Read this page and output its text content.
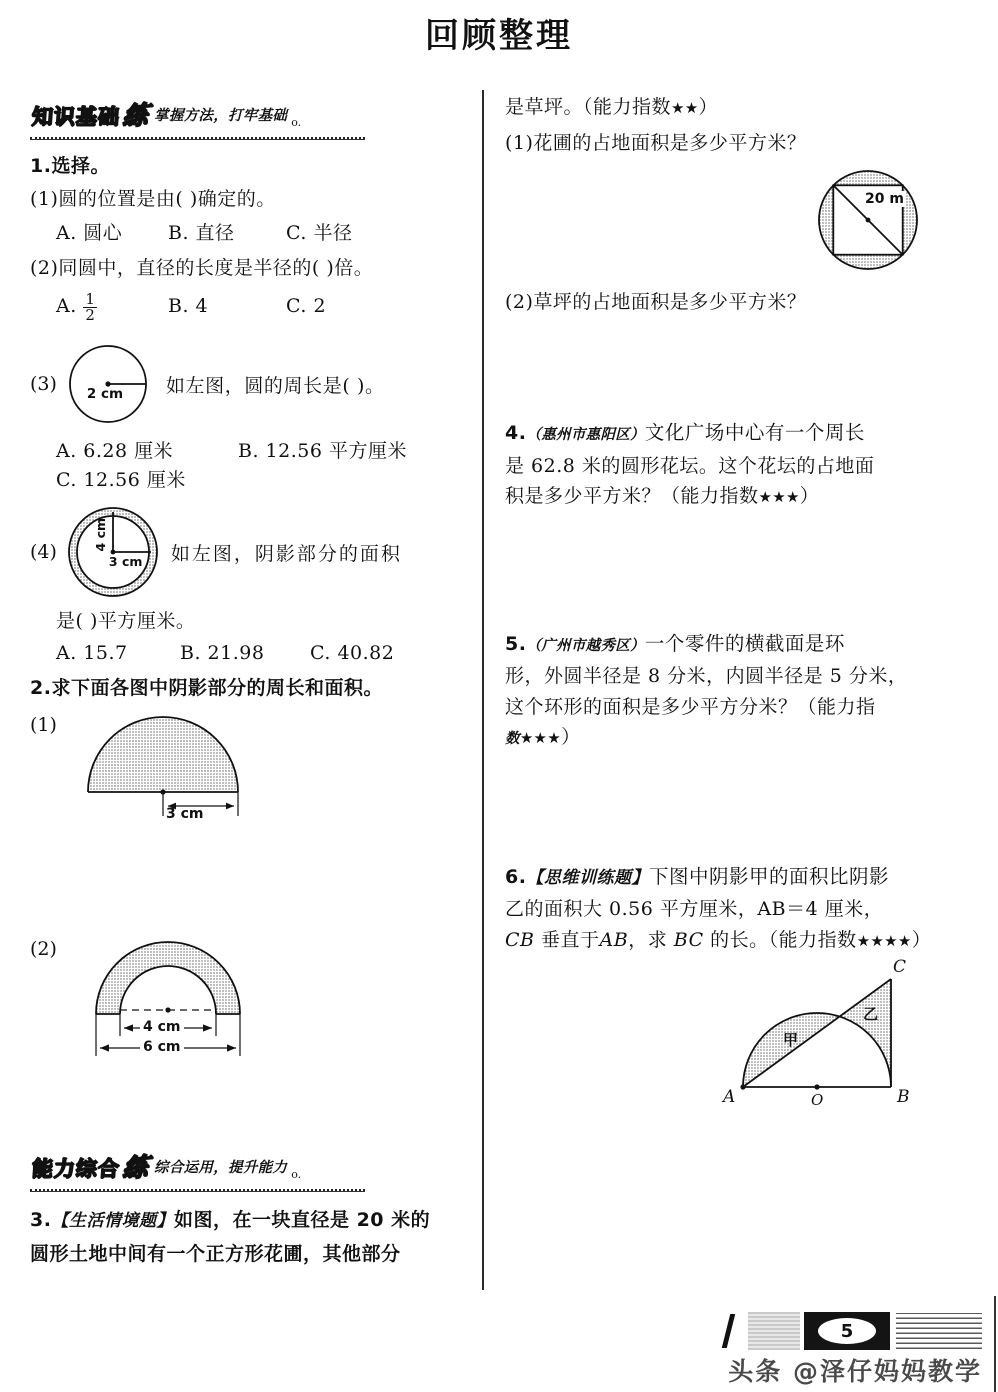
回顾整理
知识基础练 掌握方法，打牢基础 o.
1.选择。
(1)圆的位置是由( )确定的。
A. 圆心 B. 直径	C. 半径
(2)同圆中，直径的长度是半径的( )倍。
A. $\frac{1}{2}$	B. 4	C. 2
(3) 2 cm 如左图，圆的周长是( )。
A. 6.28 厘米	B. 12.56 平方厘米
C. 12.56 厘米
(4)
4 cm
3 cm 如左图，阴影部分的面积
是( )平方厘米。
A. 15.7	B. 21.98 C. 40.82
2.求下面各图中阴影部分的周长和面积。
(1)
3 cm
(2)
4 cm
6 cm
能力综合练 综合运用，提升能力 o.
3.【生活情境题】如图，在一块直径是 20 米的
圆形土地中间有一个正方形花圃，其他部分
是草坪。（能力指数★★）
(1)花圃的占地面积是多少平方米？
20 m
(2)草坪的占地面积是多少平方米？
4.（惠州市惠阳区）文化广场中心有一个周长
是 62.8 米的圆形花坛。这个花坛的占地面
积是多少平方米？（能力指数★★★）
5.（广州市越秀区）一个零件的横截面是环
形，外圆半径是 8 分米，内圆半径是 5 分米，
这个环形的面积是多少平方分米？（能力指
数★★★）
6.【思维训练题】下图中阴影甲的面积比阴影
乙的面积大 0.56 平方厘米，AB＝4 厘米，
CB 垂直于AB，求 BC 的长。（能力指数★★★★）
A	B
C
O
甲
乙
5
头条 @泽仔妈妈教学
